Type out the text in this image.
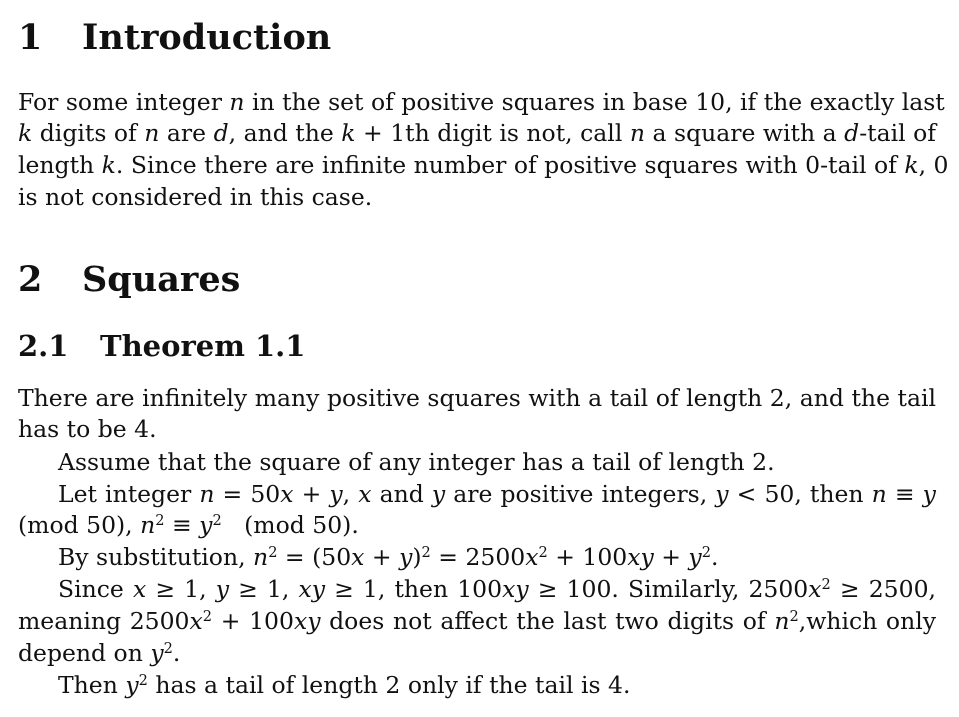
1 Introduction
For some integer n in the set of positive squares in base 10, if the exactly last
k digits of n are d, and the k + 1th digit is not, call n a square with a d-tail of
length k. Since there are infinite number of positive squares with 0-tail of k, 0
is not considered in this case.
2 Squares
2.1 Theorem 1.1
There are infinitely many positive squares with a tail of length 2, and the tail
has to be 4.
Assume that the square of any integer has a tail of length 2.
Let integer n = 50x + y, x and y are positive integers, y < 50, then n ≡ y
(mod 50), $n^2 \equiv y^2$   (mod 50).
By substitution, $n^2 = (50x + y)^2 = 2500x^2 + 100xy + y^2$.
Since x ≥ 1, y ≥ 1, xy ≥ 1, then 100xy ≥ 100. Similarly, $2500x^2 \ge 2500$,
meaning $2500x^2 + 100xy$ does not affect the last two digits of $n^2,which$ only
depend on $y^2$.
Then $y^2$ has a tail of length 2 only if the tail is 4.
